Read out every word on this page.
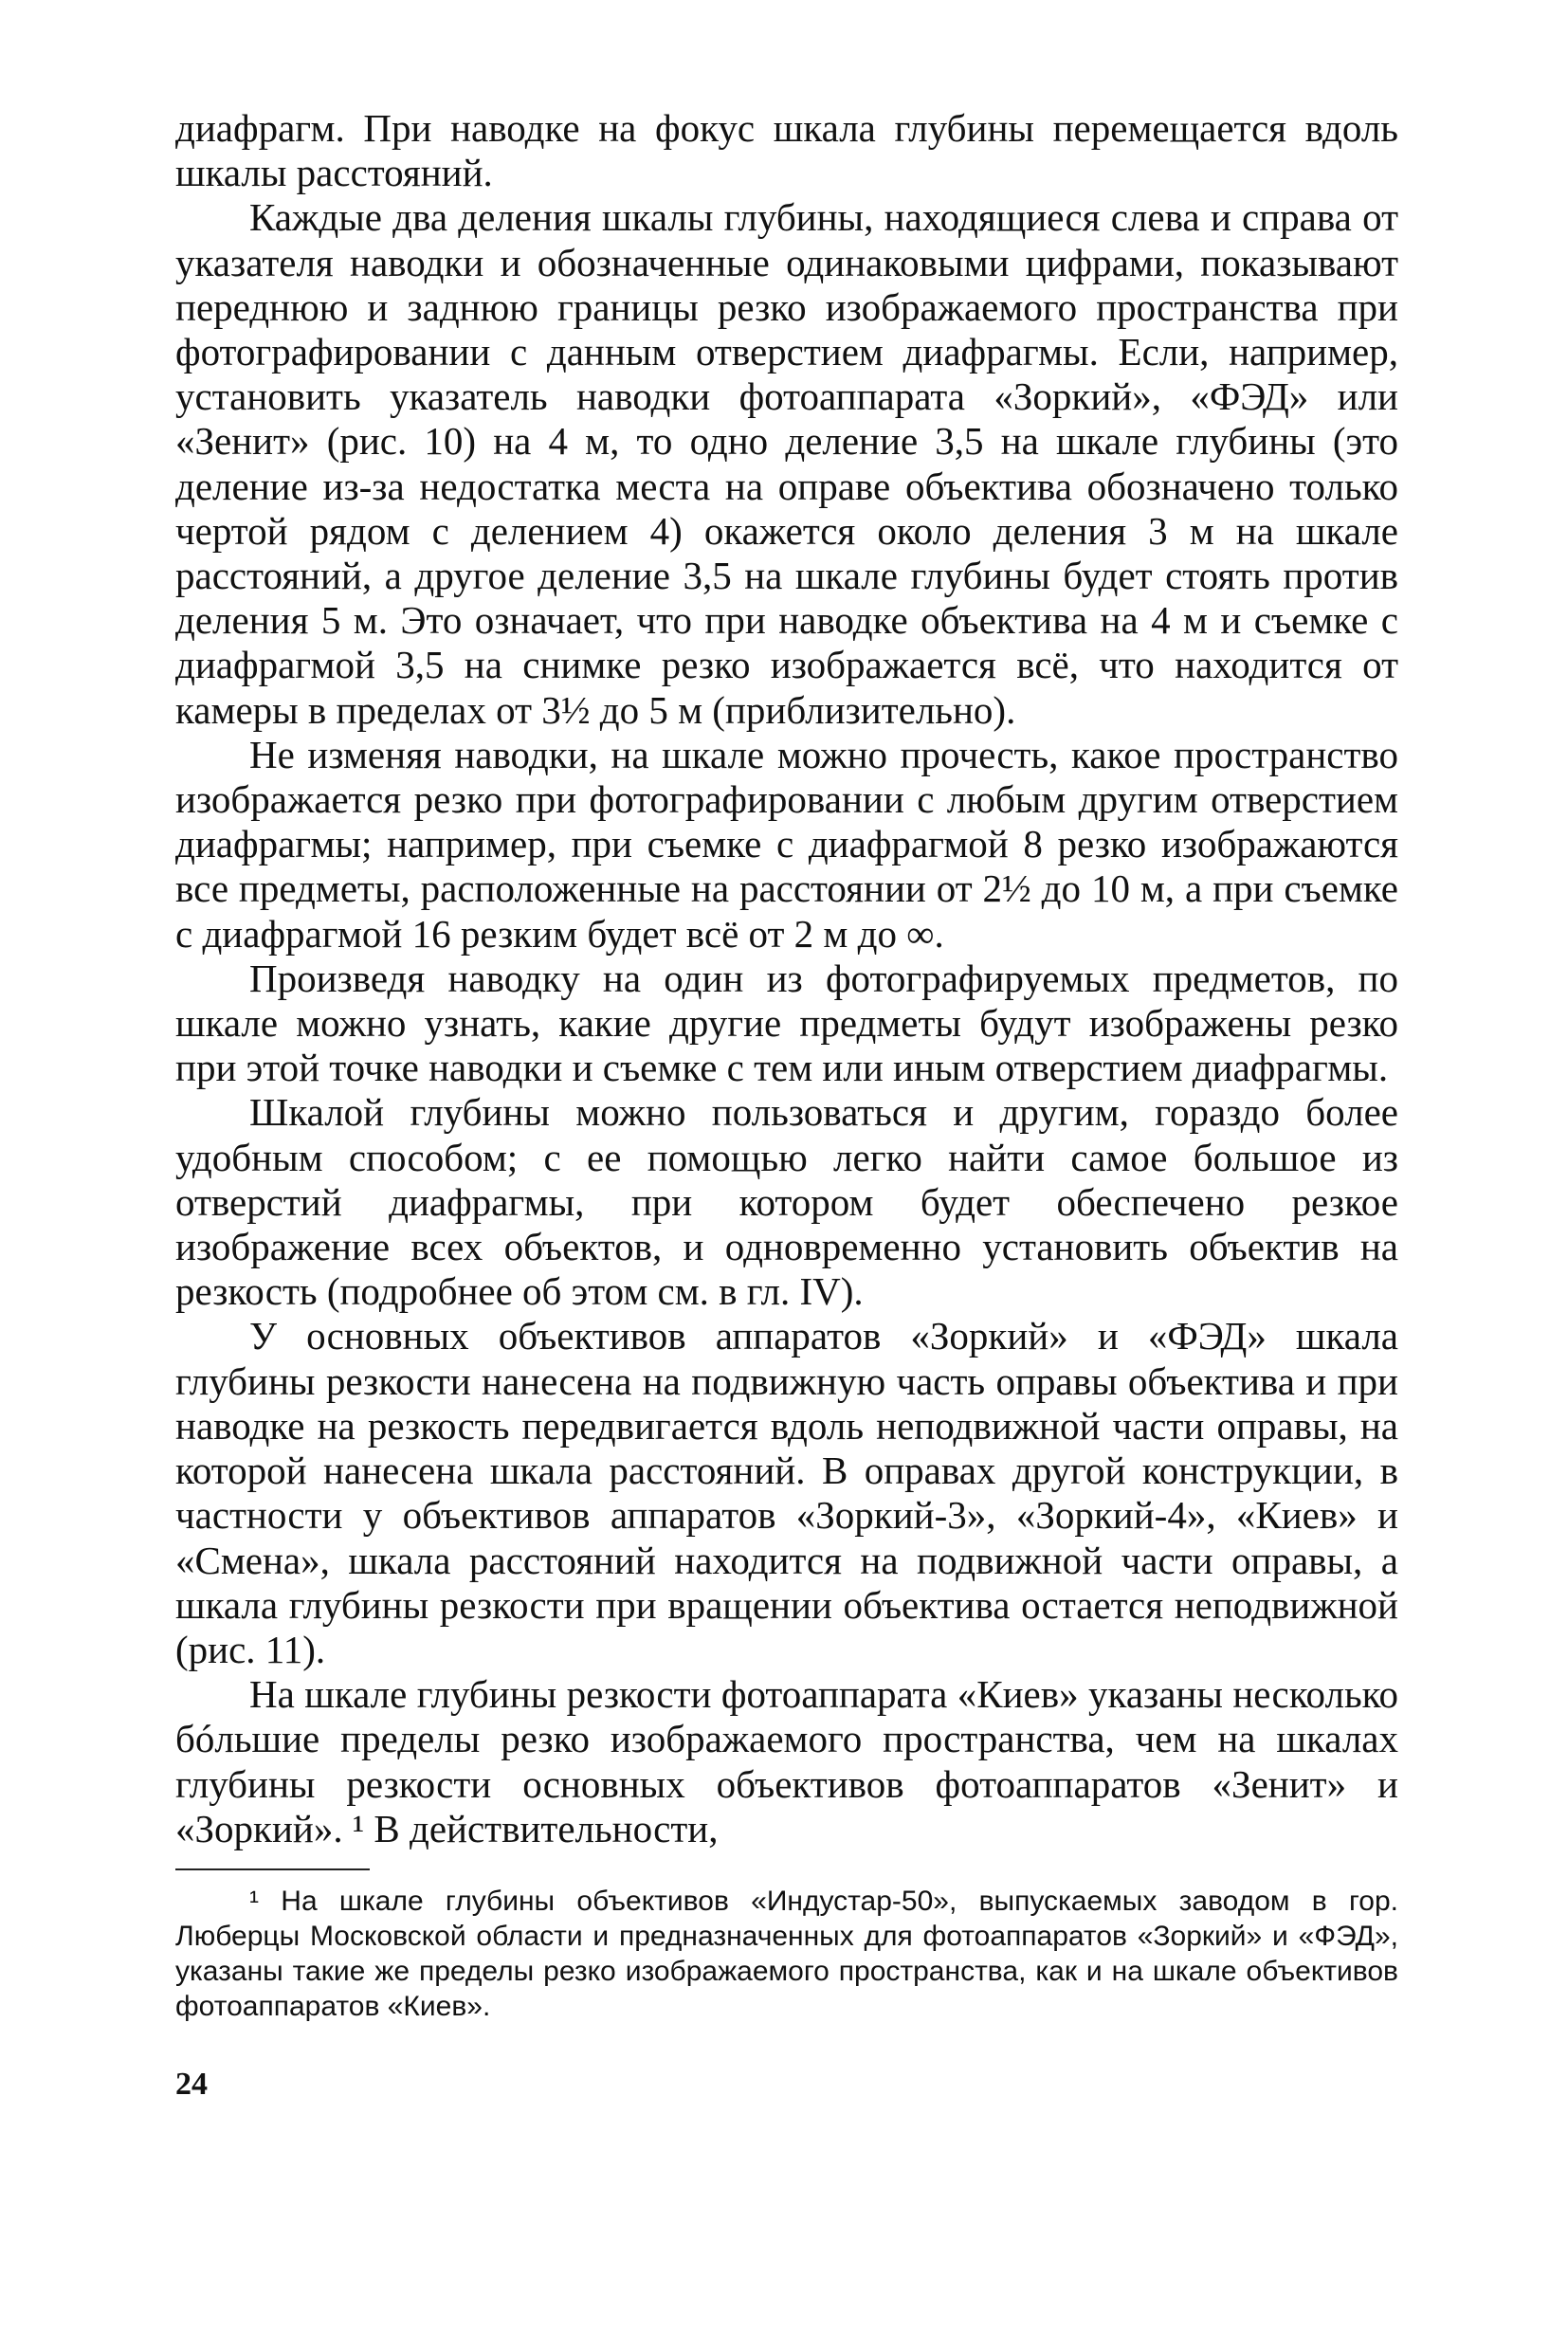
диафрагм. При наводке на фокус шкала глубины перемещается вдоль шкалы расстояний.

Каждые два деления шкалы глубины, находящиеся слева и справа от указателя наводки и обозначенные одинаковыми цифрами, показывают переднюю и заднюю границы резко изображаемого пространства при фотографировании с данным отверстием диафрагмы. Если, например, установить указатель наводки фотоаппарата «Зоркий», «ФЭД» или «Зенит» (рис. 10) на 4 м, то одно деление 3,5 на шкале глубины (это деление из-за недостатка места на оправе объектива обозначено только чертой рядом с делением 4) окажется около деления 3 м на шкале расстояний, а другое деление 3,5 на шкале глубины будет стоять против деления 5 м. Это означает, что при наводке объектива на 4 м и съемке с диафрагмой 3,5 на снимке резко изображается всё, что находится от камеры в пределах от 3½ до 5 м (приблизительно).

Не изменяя наводки, на шкале можно прочесть, какое пространство изображается резко при фотографировании с любым другим отверстием диафрагмы; например, при съемке с диафрагмой 8 резко изображаются все предметы, расположенные на расстоянии от 2½ до 10 м, а при съемке с диафрагмой 16 резким будет всё от 2 м до ∞.

Произведя наводку на один из фотографируемых предметов, по шкале можно узнать, какие другие предметы будут изображены резко при этой точке наводки и съемке с тем или иным отверстием диафрагмы.

Шкалой глубины можно пользоваться и другим, гораздо более удобным способом; с ее помощью легко найти самое большое из отверстий диафрагмы, при котором будет обеспечено резкое изображение всех объектов, и одновременно установить объектив на резкость (подробнее об этом см. в гл. IV).

У основных объективов аппаратов «Зоркий» и «ФЭД» шкала глубины резкости нанесена на подвижную часть оправы объектива и при наводке на резкость передвигается вдоль неподвижной части оправы, на которой нанесена шкала расстояний. В оправах другой конструкции, в частности у объективов аппаратов «Зоркий-3», «Зоркий-4», «Киев» и «Смена», шкала расстояний находится на подвижной части оправы, а шкала глубины резкости при вращении объектива остается неподвижной (рис. 11).

На шкале глубины резкости фотоаппарата «Киев» указаны несколько бóльшие пределы резко изображаемого пространства, чем на шкалах глубины резкости основных объективов фотоаппаратов «Зенит» и «Зоркий». ¹ В действительности,

¹ На шкале глубины объективов «Индустар-50», выпускаемых заводом в гор. Люберцы Московской области и предназначенных для фотоаппаратов «Зоркий» и «ФЭД», указаны такие же пределы резко изображаемого пространства, как и на шкале объективов фотоаппаратов «Киев».

24
